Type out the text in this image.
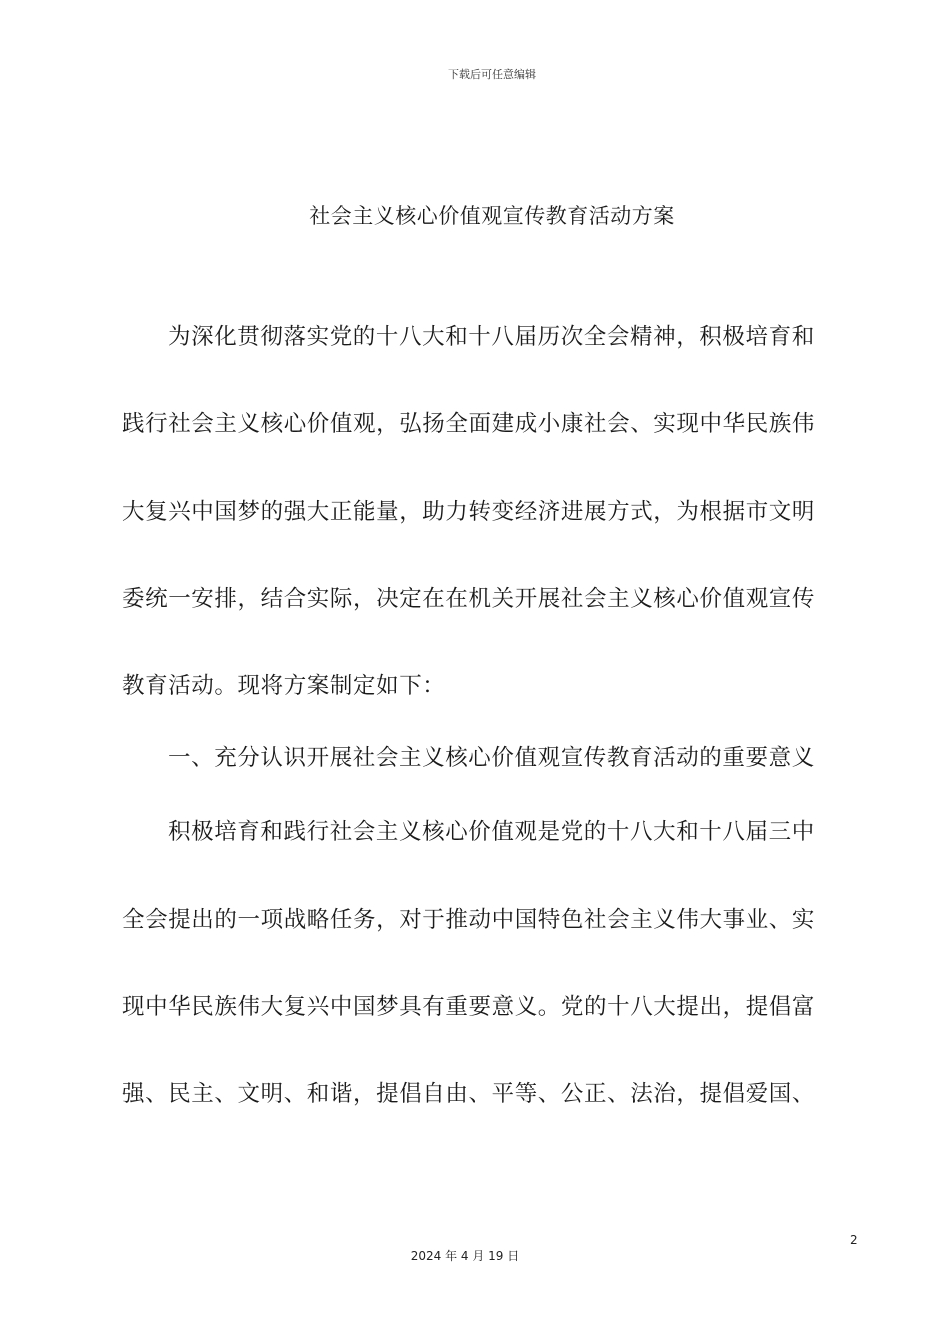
下载后可任意编辑
社会主义核心价值观宣传教育活动方案
为深化贯彻落实党的十八大和十八届历次全会精神，积极培育和
践行社会主义核心价值观，弘扬全面建成小康社会、实现中华民族伟
大复兴中国梦的强大正能量，助力转变经济进展方式，为根据市文明
委统一安排，结合实际，决定在在机关开展社会主义核心价值观宣传
教育活动。现将方案制定如下：
一、充分认识开展社会主义核心价值观宣传教育活动的重要意义
积极培育和践行社会主义核心价值观是党的十八大和十八届三中
全会提出的一项战略任务，对于推动中国特色社会主义伟大事业、实
现中华民族伟大复兴中国梦具有重要意义。党的十八大提出，提倡富
强、民主、文明、和谐，提倡自由、平等、公正、法治，提倡爱国、
2
2024 年 4 月 19 日
